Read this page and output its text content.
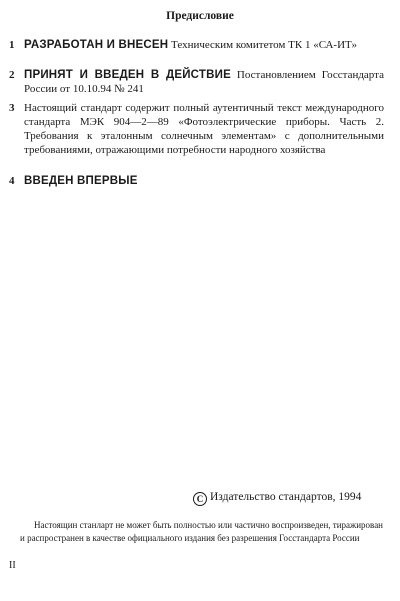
Предисловие
1 РАЗРАБОТАН И ВНЕСЕН Техническим комитетом ТК 1 «СА-ИТ»
2 ПРИНЯТ И ВВЕДЕН В ДЕЙСТВИЕ Постановлением Госстандарта России от 10.10.94 № 241
3 Настоящий стандарт содержит полный аутентичный текст международного стандарта МЭК 904—2—89 «Фотоэлектрические приборы. Часть 2. Требования к эталонным солнечным элементам» с дополнительными требованиями, отражающими потребности народного хозяйства
4 ВВЕДЕН ВПЕРВЫЕ
С Издательство стандартов, 1994
Настоящин станларт не может быть полностью или частично воспроизведен, тиражирован и распространен в качестве официального издания без разрешения Госстандарта России
II
